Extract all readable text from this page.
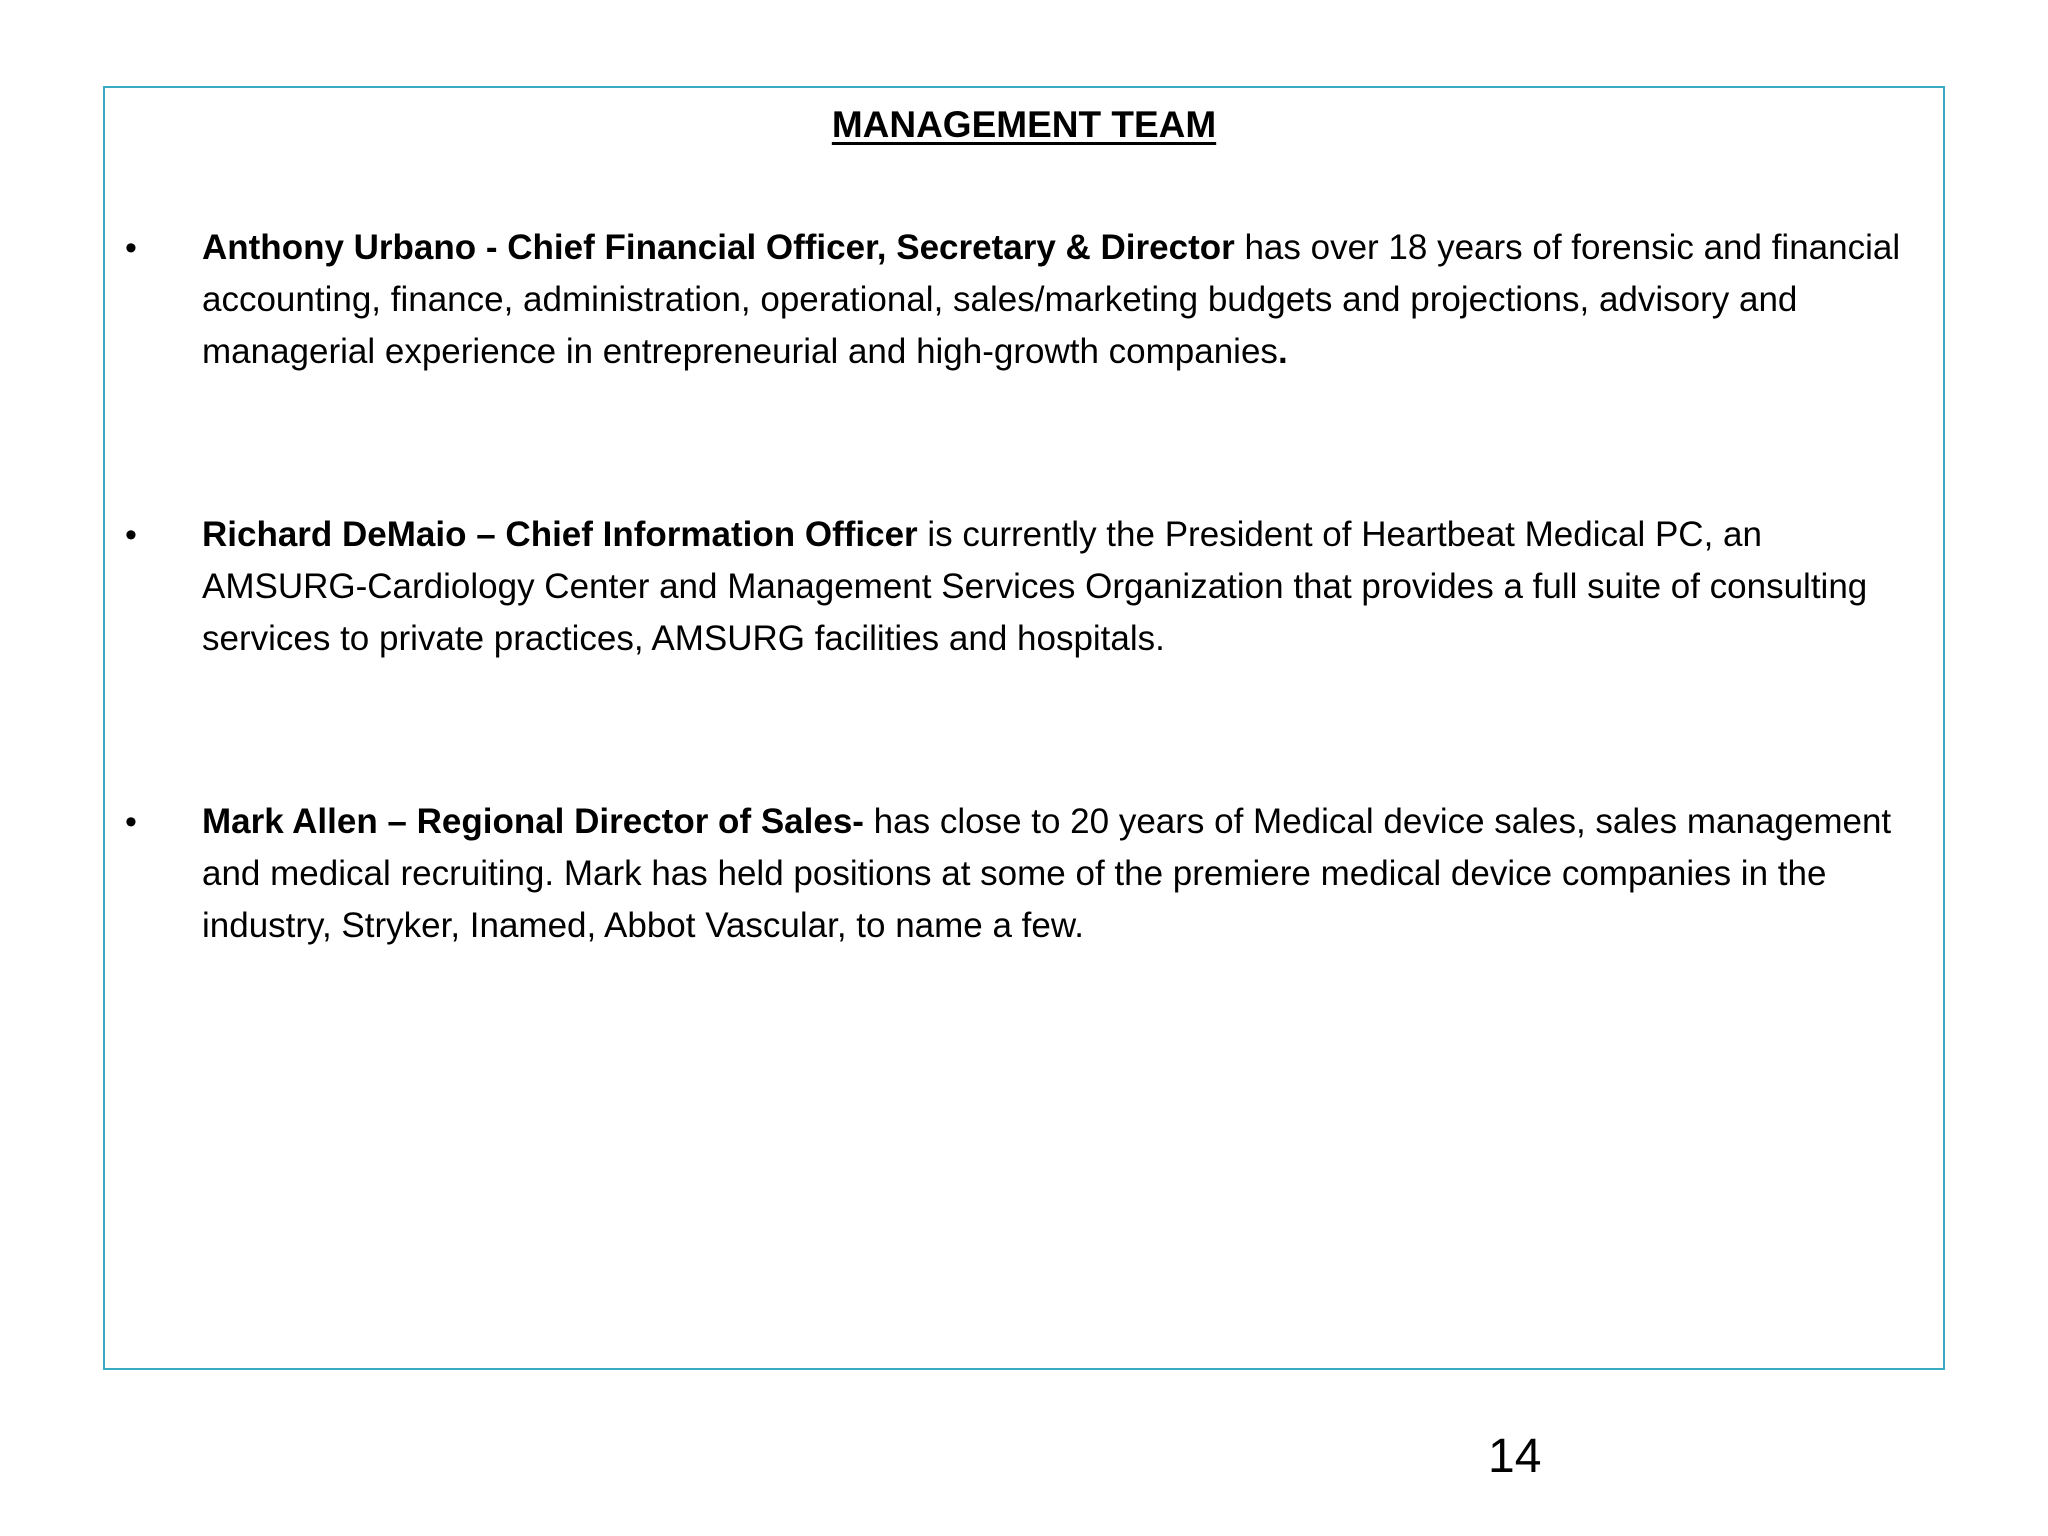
MANAGEMENT TEAM
• Anthony Urbano - Chief Financial Officer, Secretary & Director has over 18 years of forensic and financial accounting, finance, administration, operational, sales/marketing budgets and projections, advisory and managerial experience in entrepreneurial and high-growth companies.

• Richard DeMaio – Chief Information Officer is currently the President of Heartbeat Medical PC, an AMSURG-Cardiology Center and Management Services Organization that provides a full suite of consulting services to private practices, AMSURG facilities and hospitals.

• Mark Allen – Regional Director of Sales- has close to 20 years of Medical device sales, sales management and medical recruiting. Mark has held positions at some of the premiere medical device companies in the industry, Stryker, Inamed, Abbot Vascular, to name a few.

14
